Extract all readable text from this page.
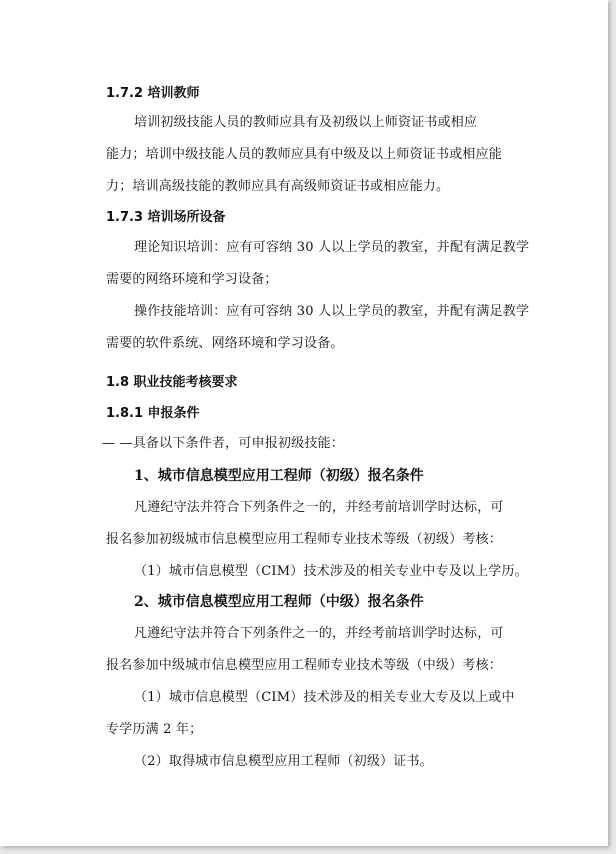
1.7.2 培训教师
培训初级技能人员的教师应具有及初级以上师资证书或相应
能力；培训中级技能人员的教师应具有中级及以上师资证书或相应能
力；培训高级技能的教师应具有高级师资证书或相应能力。
1.7.3 培训场所设备
理论知识培训：应有可容纳 30 人以上学员的教室，并配有满足教学
需要的网络环境和学习设备；
操作技能培训：应有可容纳 30 人以上学员的教室，并配有满足教学
需要的软件系统、网络环境和学习设备。
1.8 职业技能考核要求
1.8.1 申报条件
— —具备以下条件者，可申报初级技能：
1、城市信息模型应用工程师（初级）报名条件
凡遵纪守法并符合下列条件之一的，并经考前培训学时达标，可
报名参加初级城市信息模型应用工程师专业技术等级（初级）考核：
（1）城市信息模型（CIM）技术涉及的相关专业中专及以上学历。
2、城市信息模型应用工程师（中级）报名条件
凡遵纪守法并符合下列条件之一的，并经考前培训学时达标，可
报名参加中级城市信息模型应用工程师专业技术等级（中级）考核：
（1）城市信息模型（CIM）技术涉及的相关专业大专及以上或中
专学历满 2 年；
（2）取得城市信息模型应用工程师（初级）证书。
